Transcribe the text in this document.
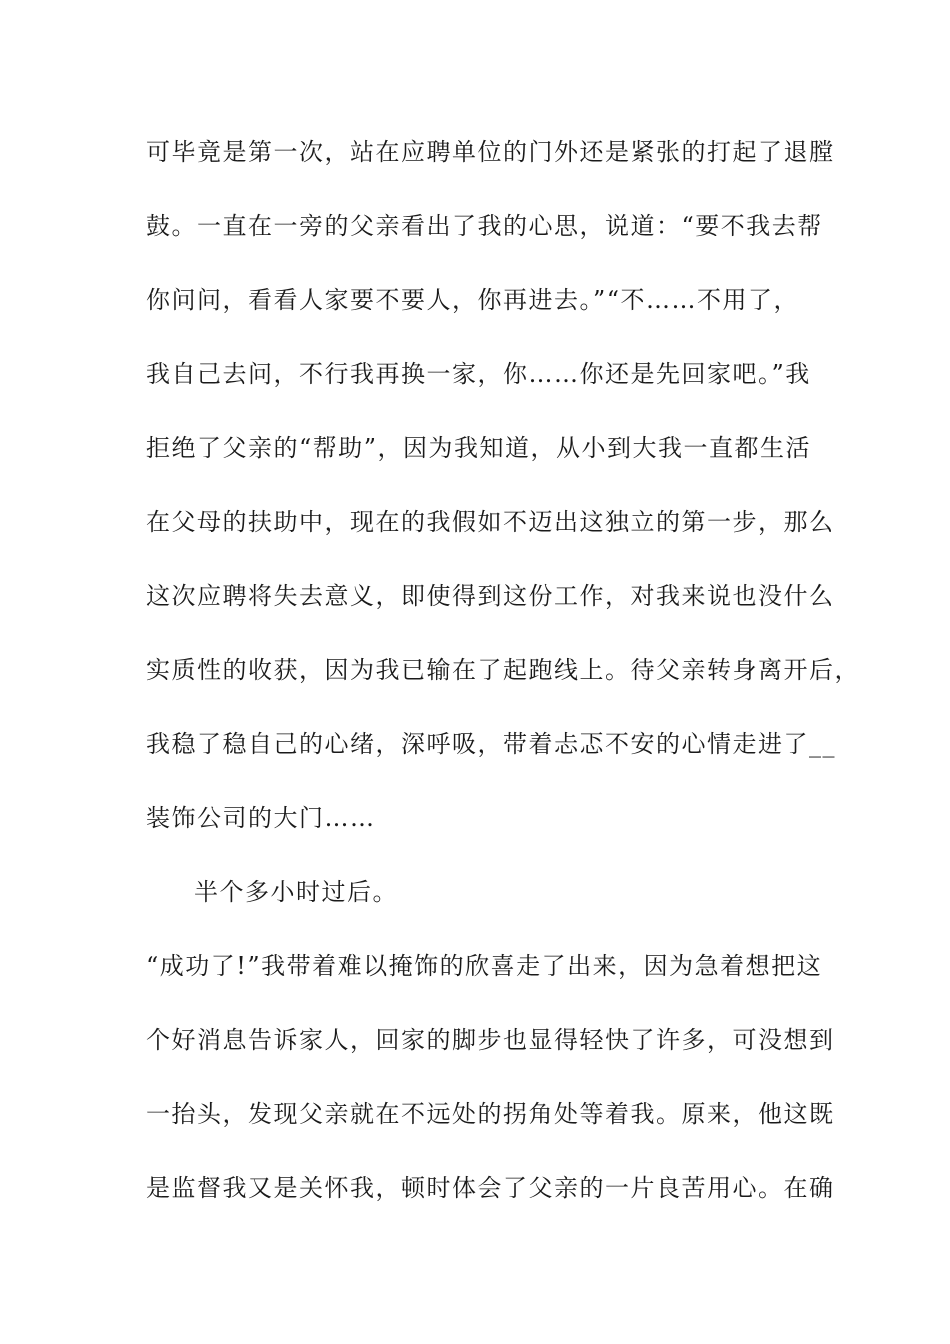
可毕竟是第一次，站在应聘单位的门外还是紧张的打起了退膛
鼓。一直在一旁的父亲看出了我的心思，说道：“要不我去帮
你问问，看看人家要不要人，你再进去。”“不……不用了，
我自己去问，不行我再换一家，你……你还是先回家吧。”我
拒绝了父亲的“帮助”，因为我知道，从小到大我一直都生活
在父母的扶助中，现在的我假如不迈出这独立的第一步，那么
这次应聘将失去意义，即使得到这份工作，对我来说也没什么
实质性的收获，因为我已输在了起跑线上。待父亲转身离开后，
我稳了稳自己的心绪，深呼吸，带着忐忑不安的心情走进了__
装饰公司的大门……
半个多小时过后。
“成功了!”我带着难以掩饰的欣喜走了出来，因为急着想把这
个好消息告诉家人，回家的脚步也显得轻快了许多，可没想到
一抬头，发现父亲就在不远处的拐角处等着我。原来，他这既
是监督我又是关怀我，顿时体会了父亲的一片良苦用心。在确
